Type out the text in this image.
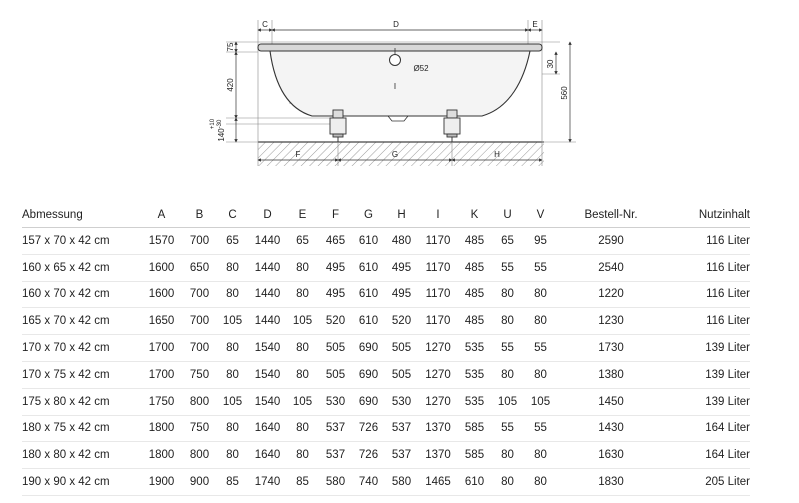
C	D	E
F	G	H
I
Ø52
75
420
140
+10 -30
30
560
Abmessung	A	B	C	D	E	F	G	H	I	K	U	V	Bestell-Nr.	Nutzinhalt
157 x 70 x 42 cm	1570	700	65	1440	65	465	610	480	1170	485	65	95	2590	116 Liter
160 x 65 x 42 cm	1600	650	80	1440	80	495	610	495	1170	485	55	55	2540	116 Liter
160 x 70 x 42 cm	1600	700	80	1440	80	495	610	495	1170	485	80	80	1220	116 Liter
165 x 70 x 42 cm	1650	700	105	1440	105	520	610	520	1170	485	80	80	1230	116 Liter
170 x 70 x 42 cm	1700	700	80	1540	80	505	690	505	1270	535	55	55	1730	139 Liter
170 x 75 x 42 cm	1700	750	80	1540	80	505	690	505	1270	535	80	80	1380	139 Liter
175 x 80 x 42 cm	1750	800	105	1540	105	530	690	530	1270	535	105	105	1450	139 Liter
180 x 75 x 42 cm	1800	750	80	1640	80	537	726	537	1370	585	55	55	1430	164 Liter
180 x 80 x 42 cm	1800	800	80	1640	80	537	726	537	1370	585	80	80	1630	164 Liter
190 x 90 x 42 cm	1900	900	85	1740	85	580	740	580	1465	610	80	80	1830	205 Liter
